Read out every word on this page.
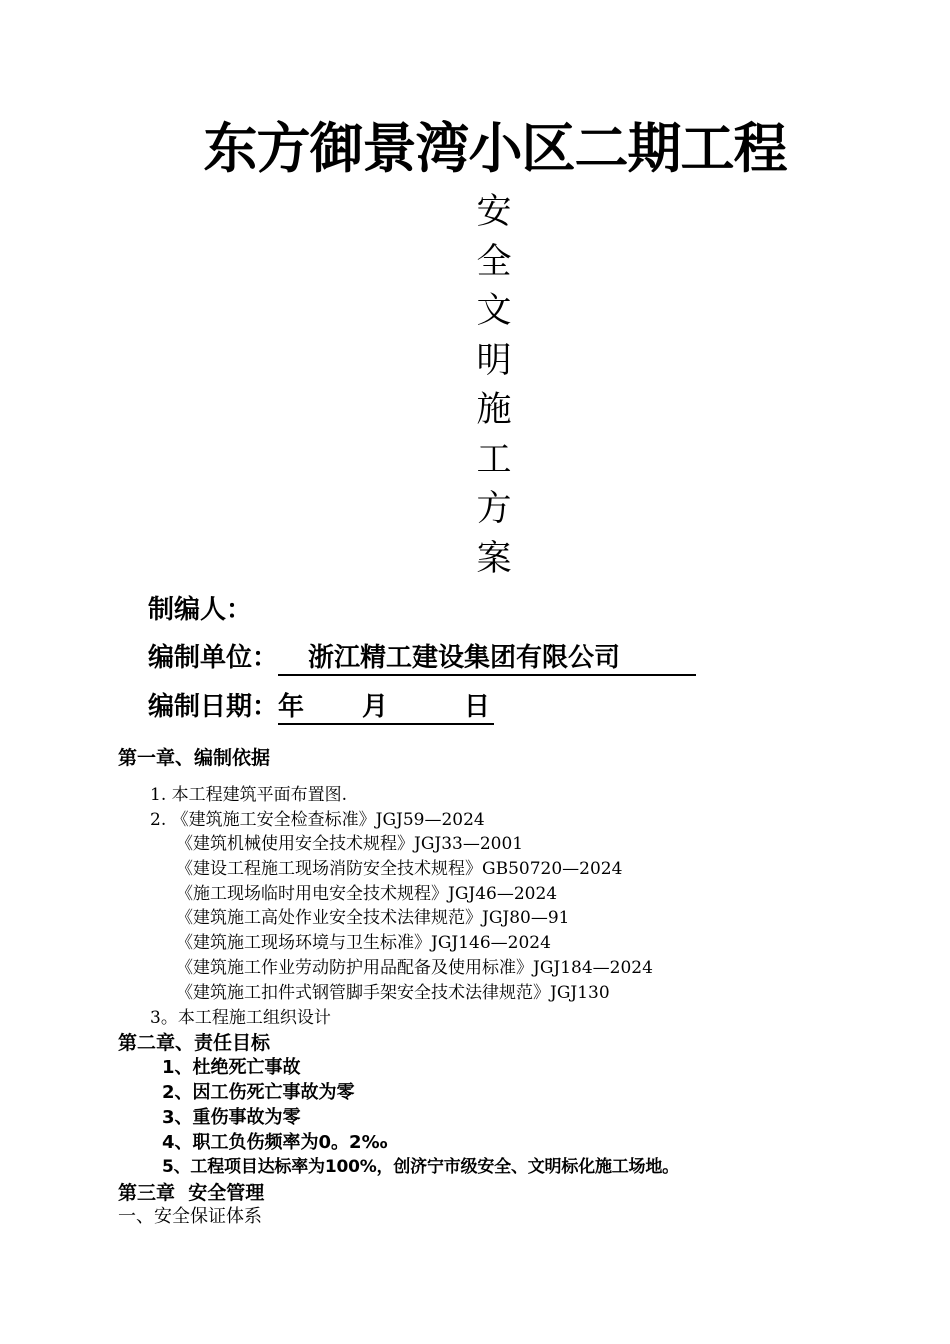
东方御景湾小区二期工程
安
全
文
明
施
工
方
案
制编人：
编制单位： 浙江精工建设集团有限公司
编制日期：年 月	日
第一章、编制依据
1. 本工程建筑平面布置图.
2. 《建筑施工安全检查标准》JGJ59—2024
《建筑机械使用安全技术规程》JGJ33—2001
《建设工程施工现场消防安全技术规程》GB50720—2024
《施工现场临时用电安全技术规程》JGJ46—2024
《建筑施工高处作业安全技术法律规范》JGJ80—91
《建筑施工现场环境与卫生标准》JGJ146—2024
《建筑施工作业劳动防护用品配备及使用标准》JGJ184—2024
《建筑施工扣件式钢管脚手架安全技术法律规范》JGJ130
3。本工程施工组织设计
第二章、责任目标
1、杜绝死亡事故
2、因工伤死亡事故为零
3、重伤事故为零
4、职工负伤频率为0。2‰
5、工程项目达标率为100%，创济宁市级安全、文明标化施工场地。
第三章  安全管理
一、安全保证体系
